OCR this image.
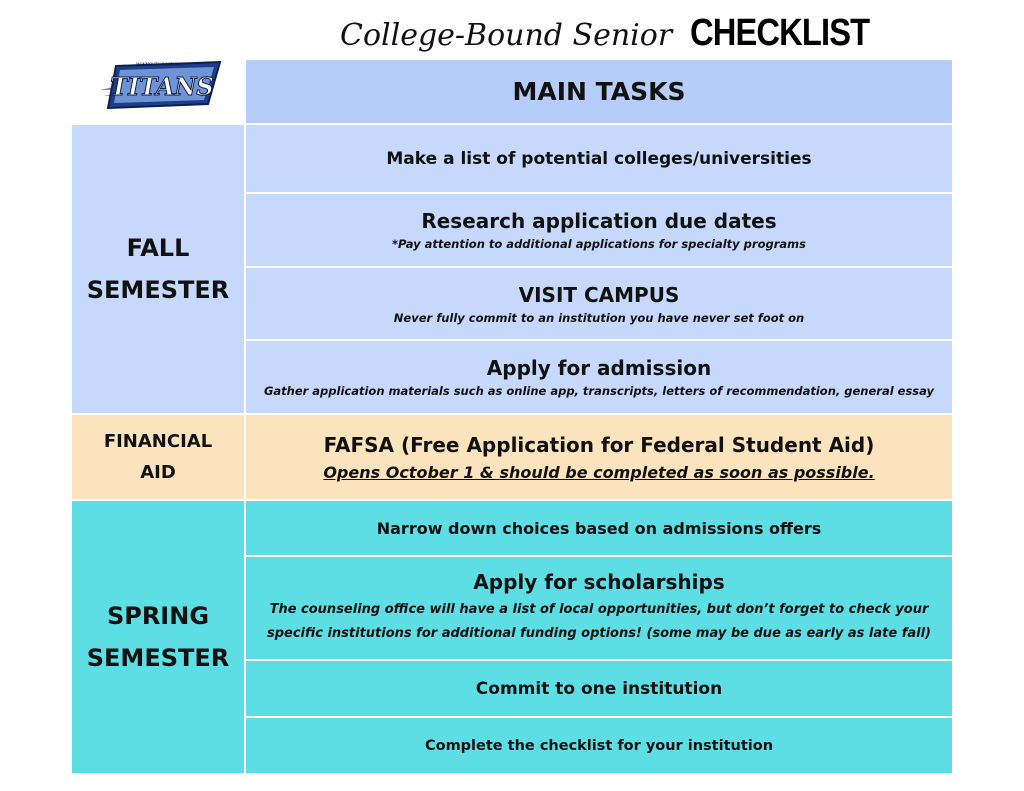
College-Bound Senior CHECKLIST
MONMOUTH-ROSEVILLE
TITANS	MAIN TASKS
FALL
SEMESTER
Make a list of potential colleges/universities
Research application due dates
*Pay attention to additional applications for specialty programs
VISIT CAMPUS
Never fully commit to an institution you have never set foot on
Apply for admission
Gather application materials such as online app, transcripts, letters of recommendation, general essay
FINANCIAL
AID
FAFSA (Free Application for Federal Student Aid)
Opens October 1 & should be completed as soon as possible.
SPRING
SEMESTER
Narrow down choices based on admissions offers
Apply for scholarships
The counseling office will have a list of local opportunities, but don’t forget to check your
specific institutions for additional funding options! (some may be due as early as late fall)
Commit to one institution
Complete the checklist for your institution
